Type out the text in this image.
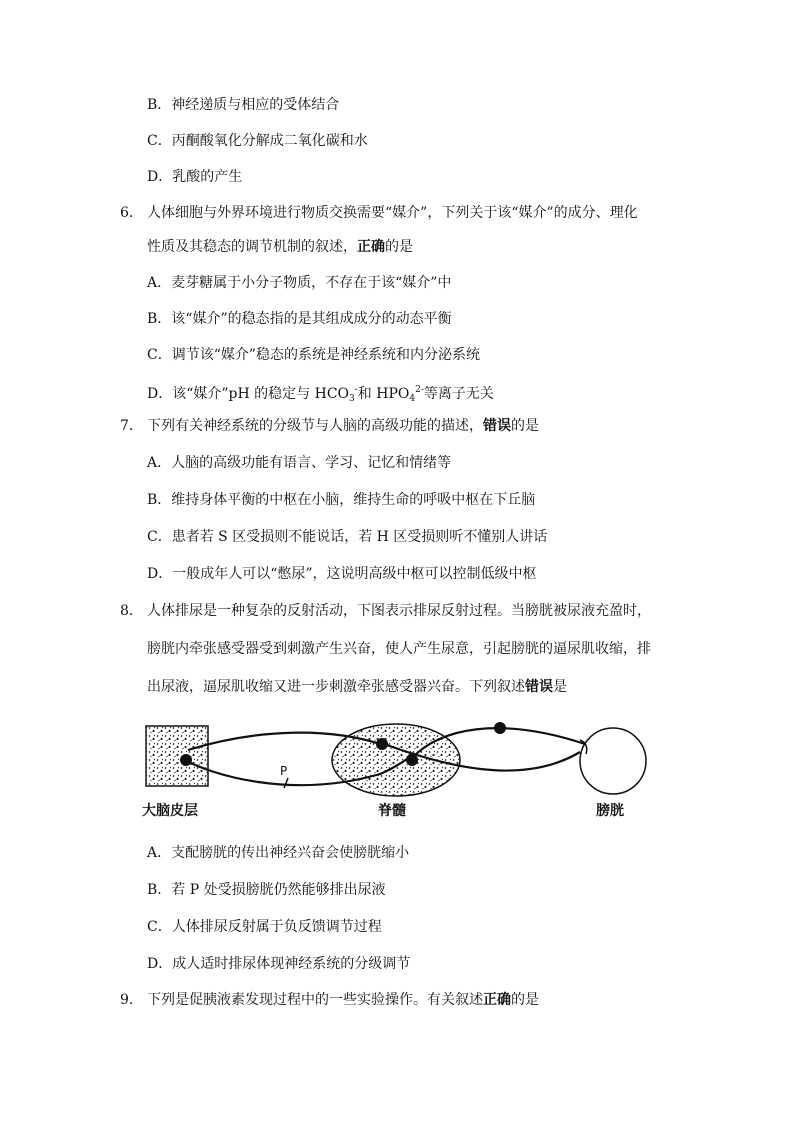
B．神经递质与相应的受体结合
C．丙酮酸氧化分解成二氧化碳和水
D．乳酸的产生
6． 人体细胞与外界环境进行物质交换需要“媒介”，下列关于该“媒介”的成分、理化
性质及其稳态的调节机制的叙述，正确的是
A．麦芽糖属于小分子物质，不存在于该“媒介”中
B．该“媒介”的稳态指的是其组成成分的动态平衡
C．调节该“媒介”稳态的系统是神经系统和内分泌系统
D．该“媒介”pH 的稳定与 $HCO_3^-$和 $HPO_4^{2-}$等离子无关
7． 下列有关神经系统的分级节与人脑的高级功能的描述，错误的是
A．人脑的高级功能有语言、学习、记忆和情绪等
B．维持身体平衡的中枢在小脑，维持生命的呼吸中枢在下丘脑
C．患者若 S 区受损则不能说话，若 H 区受损则听不懂别人讲话
D．一般成年人可以“憋尿”，这说明高级中枢可以控制低级中枢
8． 人体排尿是一种复杂的反射活动，下图表示排尿反射过程。当膀胱被尿液充盈时，
膀胱内牵张感受器受到刺激产生兴奋，使人产生尿意，引起膀胱的逼尿肌收缩，排
出尿液，逼尿肌收缩又进一步刺激牵张感受器兴奋。下列叙述错误是
P
大脑皮层	脊髓	膀胱
A．支配膀胱的传出神经兴奋会使膀胱缩小
B．若 P 处受损膀胱仍然能够排出尿液
C．人体排尿反射属于负反馈调节过程
D．成人适时排尿体现神经系统的分级调节
9． 下列是促胰液素发现过程中的一些实验操作。有关叙述正确的是
